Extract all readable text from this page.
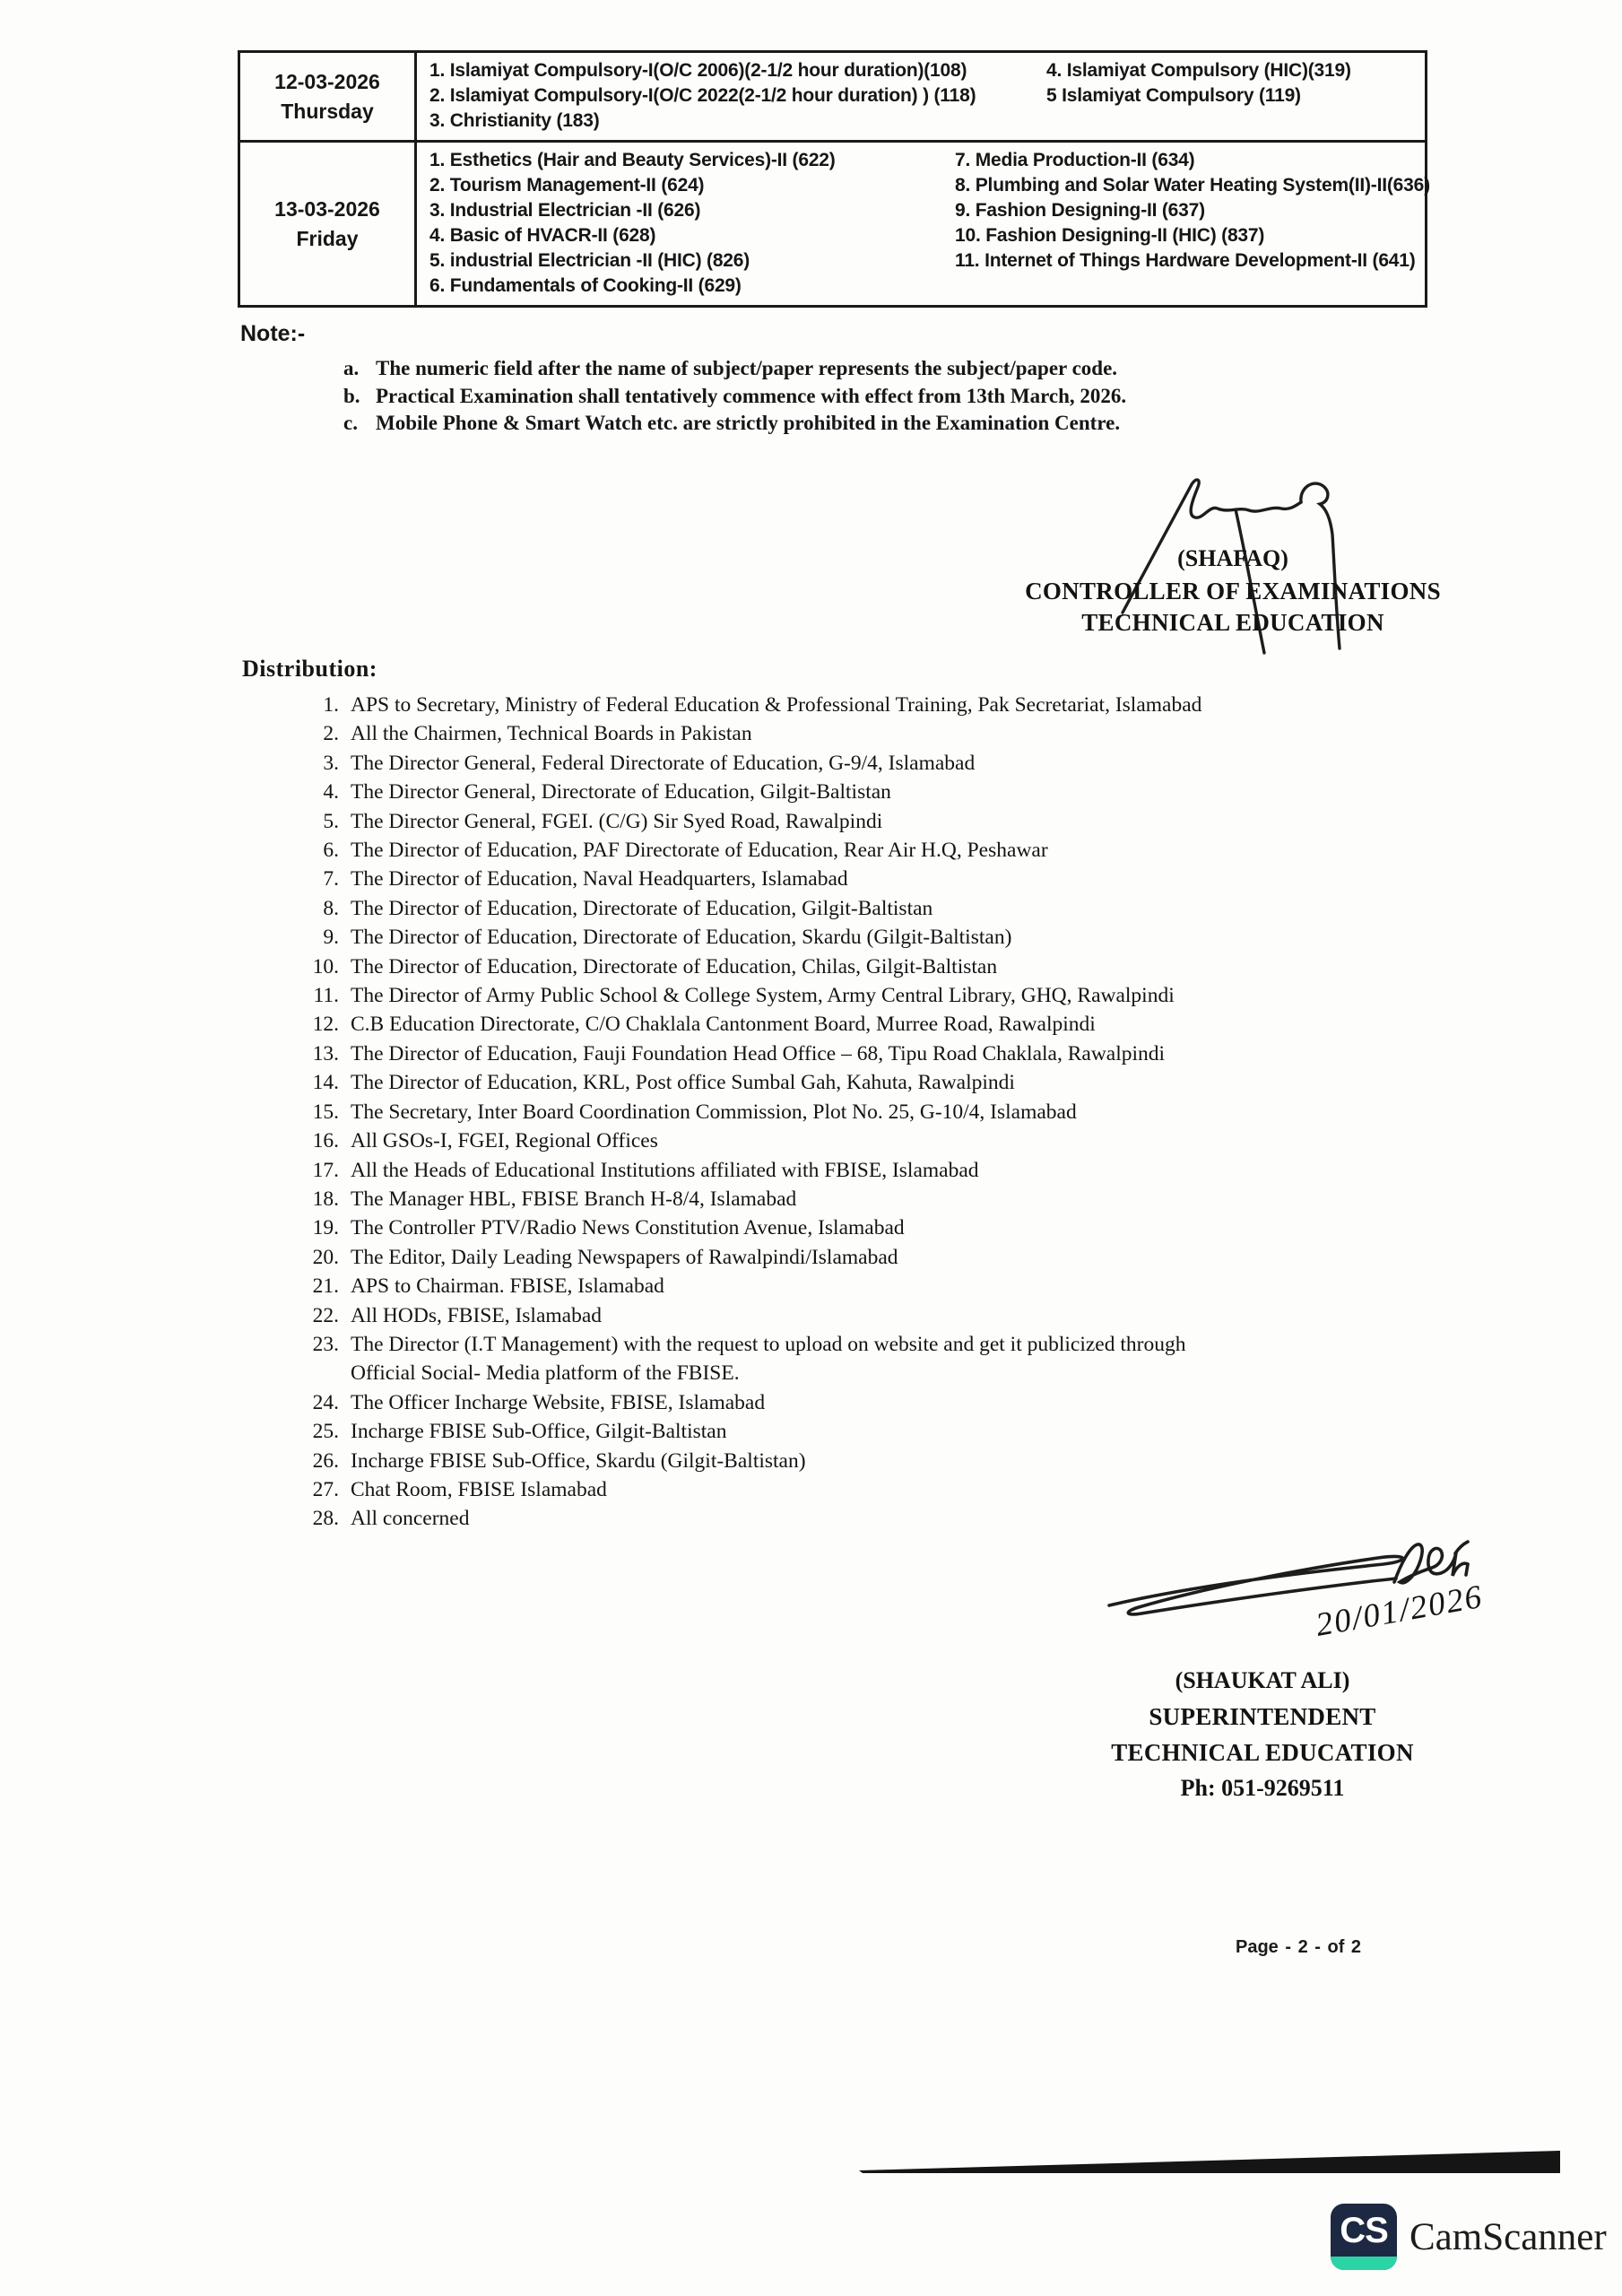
12-03-2026
Thursday
1. Islamiyat Compulsory-I(O/C 2006)(2-1/2 hour duration)(108)
2. Islamiyat Compulsory-I(O/C 2022(2-1/2 hour duration) ) (118)
3. Christianity (183)
4. Islamiyat Compulsory (HIC)(319)
5 Islamiyat Compulsory (119)
13-03-2026
Friday
1. Esthetics (Hair and Beauty Services)-II (622)
2. Tourism Management-II (624)
3. Industrial Electrician -II (626)
4. Basic of HVACR-II (628)
5. industrial Electrician -II (HIC) (826)
6. Fundamentals of Cooking-II (629)
7. Media Production-II (634)
8. Plumbing and Solar Water Heating System(II)-II(636)
9. Fashion Designing-II (637)
10. Fashion Designing-II (HIC) (837)
11. Internet of Things Hardware Development-II (641)
Note:-
a. The numeric field after the name of subject/paper represents the subject/paper code.
b. Practical Examination shall tentatively commence with effect from 13th March, 2026.
c. Mobile Phone & Smart Watch etc. are strictly prohibited in the Examination Centre.
(SHAFAQ)
CONTROLLER OF EXAMINATIONS
TECHNICAL EDUCATION
Distribution:
1. APS to Secretary, Ministry of Federal Education & Professional Training, Pak Secretariat, Islamabad
2. All the Chairmen, Technical Boards in Pakistan
3. The Director General, Federal Directorate of Education, G-9/4, Islamabad
4. The Director General, Directorate of Education, Gilgit-Baltistan
5. The Director General, FGEI. (C/G) Sir Syed Road, Rawalpindi
6. The Director of Education, PAF Directorate of Education, Rear Air H.Q, Peshawar
7. The Director of Education, Naval Headquarters, Islamabad
8. The Director of Education, Directorate of Education, Gilgit-Baltistan
9. The Director of Education, Directorate of Education, Skardu (Gilgit-Baltistan)
10. The Director of Education, Directorate of Education, Chilas, Gilgit-Baltistan
11. The Director of Army Public School & College System, Army Central Library, GHQ, Rawalpindi
12. C.B Education Directorate, C/O Chaklala Cantonment Board, Murree Road, Rawalpindi
13. The Director of Education, Fauji Foundation Head Office – 68, Tipu Road Chaklala, Rawalpindi
14. The Director of Education, KRL, Post office Sumbal Gah, Kahuta, Rawalpindi
15. The Secretary, Inter Board Coordination Commission, Plot No. 25, G-10/4, Islamabad
16. All GSOs-I, FGEI, Regional Offices
17. All the Heads of Educational Institutions affiliated with FBISE, Islamabad
18. The Manager HBL, FBISE Branch H-8/4, Islamabad
19. The Controller PTV/Radio News Constitution Avenue, Islamabad
20. The Editor, Daily Leading Newspapers of Rawalpindi/Islamabad
21. APS to Chairman. FBISE, Islamabad
22. All HODs, FBISE, Islamabad
23. The Director (I.T Management) with the request to upload on website and get it publicized through
Official Social- Media platform of the FBISE.
24. The Officer Incharge Website, FBISE, Islamabad
25. Incharge FBISE Sub-Office, Gilgit-Baltistan
26. Incharge FBISE Sub-Office, Skardu (Gilgit-Baltistan)
27. Chat Room, FBISE Islamabad
28. All concerned
20/01/2026
(SHAUKAT ALI)
SUPERINTENDENT
TECHNICAL EDUCATION
Ph: 051-9269511
Page - 2 - of 2
CS CamScanner
